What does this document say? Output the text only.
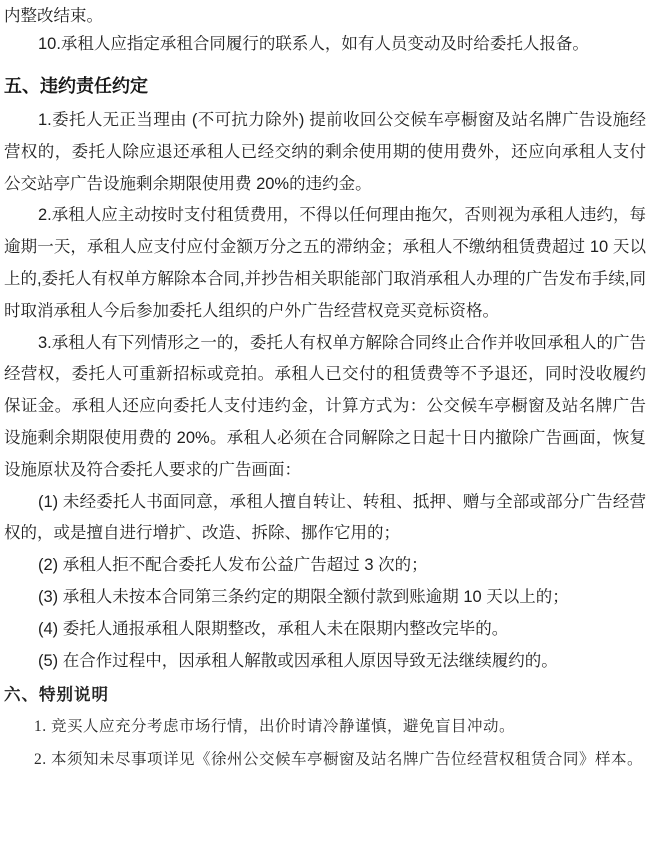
内整改结束。
10.承租人应指定承租合同履行的联系人，如有人员变动及时给委托人报备。
五、违约责任约定
1.委托人无正当理由 (不可抗力除外) 提前收回公交候车亭橱窗及站名牌广告设施经营权的，委托人除应退还承租人已经交纳的剩余使用期的使用费外，还应向承租人支付公交站亭广告设施剩余期限使用费 20%的违约金。
2.承租人应主动按时支付租赁费用，不得以任何理由拖欠，否则视为承租人违约，每逾期一天，承租人应支付应付金额万分之五的滞纳金；承租人不缴纳租赁费超过 10 天以上的,委托人有权单方解除本合同,并抄告相关职能部门取消承租人办理的广告发布手续,同时取消承租人今后参加委托人组织的户外广告经营权竞买竞标资格。
3.承租人有下列情形之一的，委托人有权单方解除合同终止合作并收回承租人的广告经营权，委托人可重新招标或竞拍。承租人已交付的租赁费等不予退还，同时没收履约保证金。承租人还应向委托人支付违约金，计算方式为：公交候车亭橱窗及站名牌广告设施剩余期限使用费的 20%。承租人必须在合同解除之日起十日内撤除广告画面，恢复设施原状及符合委托人要求的广告画面：
(1) 未经委托人书面同意，承租人擅自转让、转租、抵押、赠与全部或部分广告经营权的，或是擅自进行增扩、改造、拆除、挪作它用的；
(2) 承租人拒不配合委托人发布公益广告超过 3 次的；
(3) 承租人未按本合同第三条约定的期限全额付款到账逾期 10 天以上的；
(4) 委托人通报承租人限期整改，承租人未在限期内整改完毕的。
(5) 在合作过程中，因承租人解散或因承租人原因导致无法继续履约的。
六、特别说明
1. 竞买人应充分考虑市场行情，出价时请冷静谨慎，避免盲目冲动。
2. 本须知未尽事项详见《徐州公交候车亭橱窗及站名牌广告位经营权租赁合同》样本。
